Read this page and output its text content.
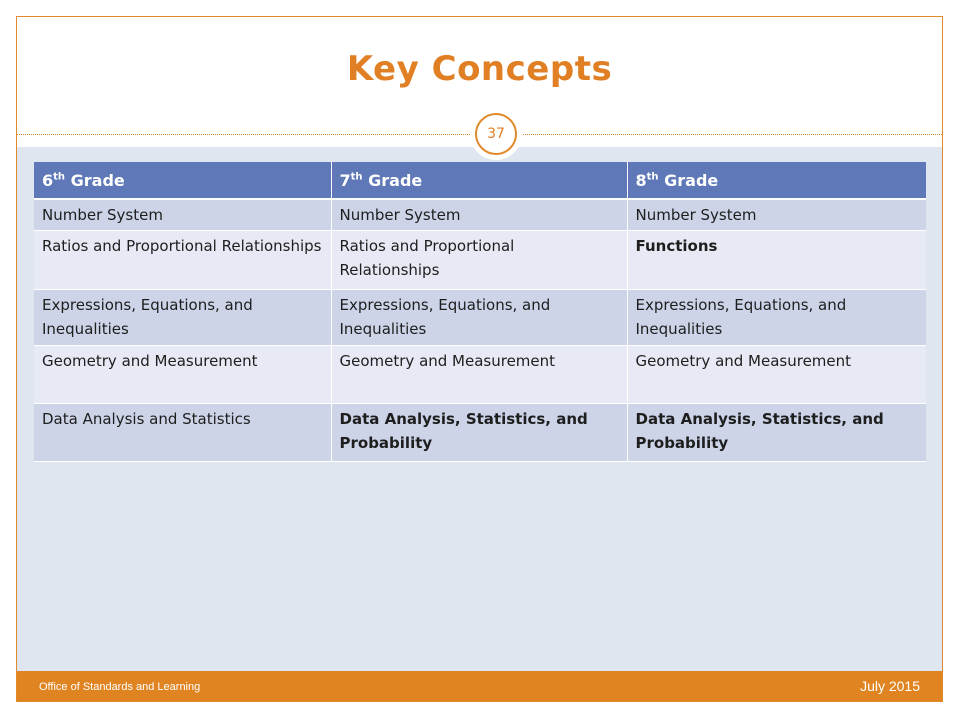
Key Concepts
37
6th Grade	7th Grade	8th Grade
Number System	Number System	Number System
Ratios and Proportional Relationships	Ratios and Proportional Relationships	Functions
Expressions, Equations, and Inequalities	Expressions, Equations, and Inequalities	Expressions, Equations, and Inequalities
Geometry and Measurement	Geometry and Measurement	Geometry and Measurement
Data Analysis and Statistics	Data Analysis, Statistics, and Probability	Data Analysis, Statistics, and Probability
Office of Standards and Learning	July 2015
